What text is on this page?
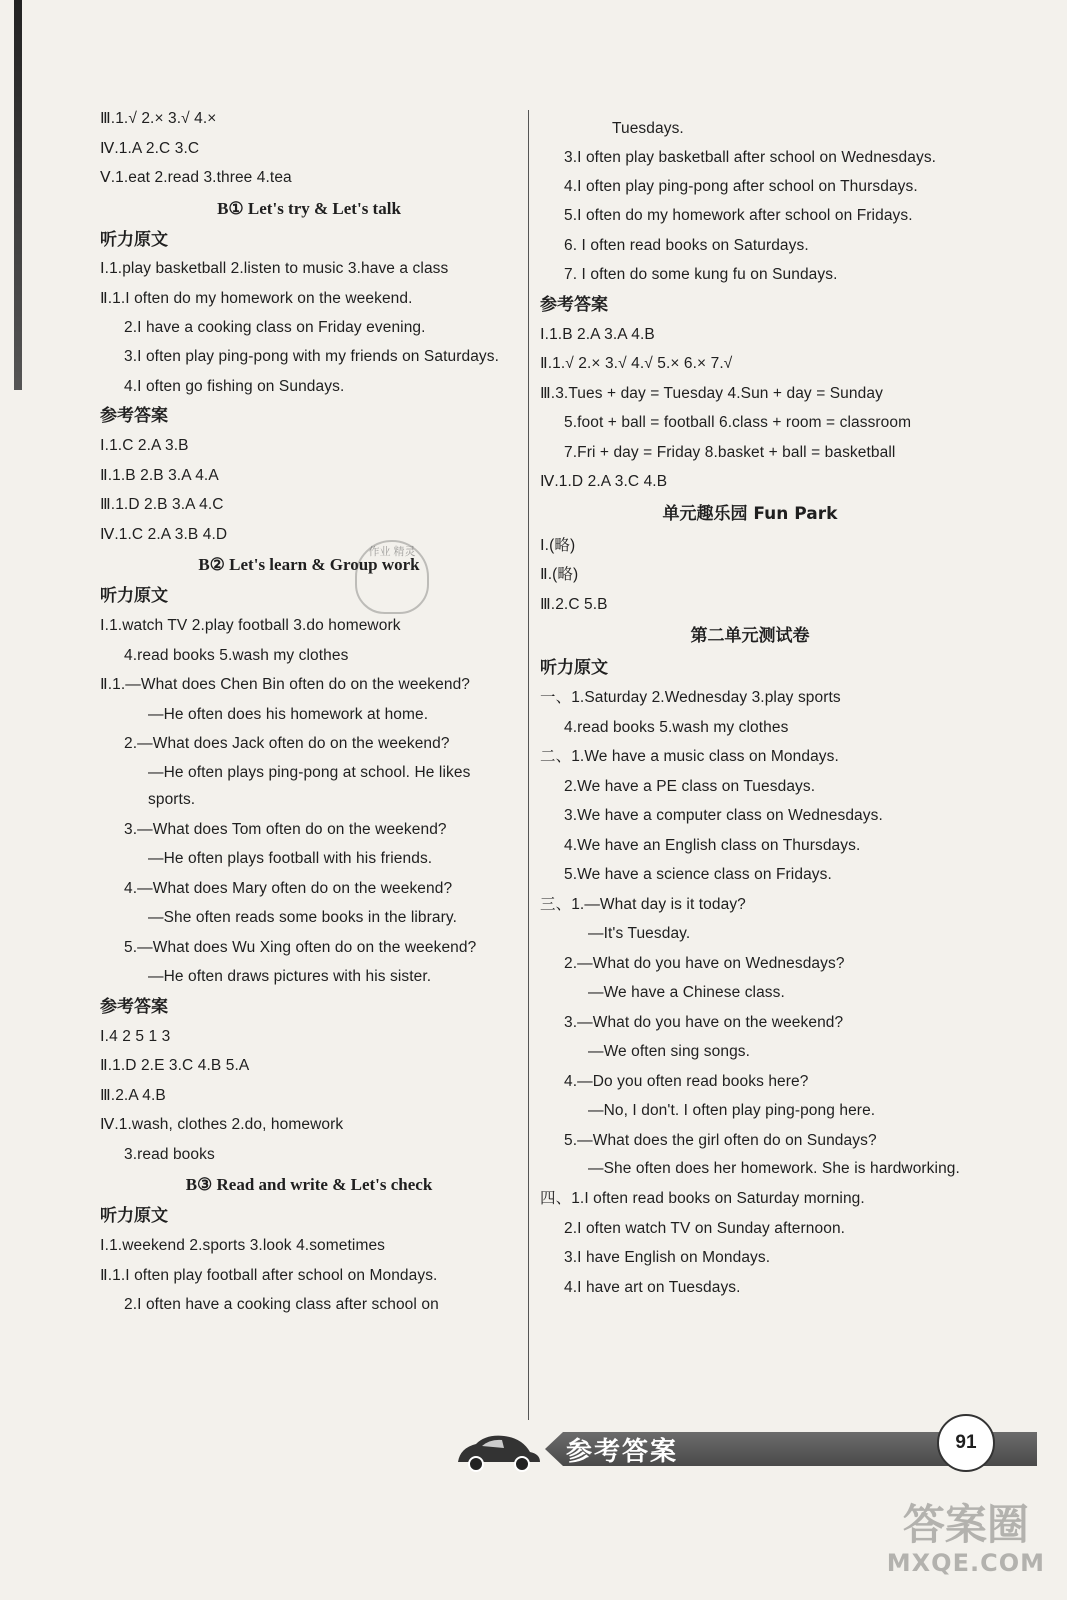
Ⅲ.1.√ 2.× 3.√ 4.×
Ⅳ.1.A 2.C 3.C
Ⅴ.1.eat 2.read 3.three 4.tea
B① Let's try & Let's talk
听力原文
Ⅰ.1.play basketball 2.listen to music 3.have a class
Ⅱ.1.I often do my homework on the weekend.
2.I have a cooking class on Friday evening.
3.I often play ping-pong with my friends on Saturdays.
4.I often go fishing on Sundays.
参考答案
Ⅰ.1.C 2.A 3.B
Ⅱ.1.B 2.B 3.A 4.A
Ⅲ.1.D 2.B 3.A 4.C
Ⅳ.1.C 2.A 3.B 4.D
B② Let's learn & Group work
听力原文
Ⅰ.1.watch TV 2.play football 3.do homework
4.read books 5.wash my clothes
Ⅱ.1.—What does Chen Bin often do on the weekend?
—He often does his homework at home.
2.—What does Jack often do on the weekend?
—He often plays ping-pong at school. He likes sports.
3.—What does Tom often do on the weekend?
—He often plays football with his friends.
4.—What does Mary often do on the weekend?
—She often reads some books in the library.
5.—What does Wu Xing often do on the weekend?
—He often draws pictures with his sister.
参考答案
Ⅰ.4 2 5 1 3
Ⅱ.1.D 2.E 3.C 4.B 5.A
Ⅲ.2.A 4.B
Ⅳ.1.wash, clothes 2.do, homework
3.read books
B③ Read and write & Let's check
听力原文
Ⅰ.1.weekend 2.sports 3.look 4.sometimes
Ⅱ.1.I often play football after school on Mondays.
2.I often have a cooking class after school on
Tuesdays.
3.I often play basketball after school on Wednesdays.
4.I often play ping-pong after school on Thursdays.
5.I often do my homework after school on Fridays.
6. I often read books on Saturdays.
7. I often do some kung fu on Sundays.
参考答案
Ⅰ.1.B 2.A 3.A 4.B
Ⅱ.1.√ 2.× 3.√ 4.√ 5.× 6.× 7.√
Ⅲ.3.Tues + day = Tuesday 4.Sun + day = Sunday
5.foot + ball = football 6.class + room = classroom
7.Fri + day = Friday 8.basket + ball = basketball
Ⅳ.1.D 2.A 3.C 4.B
单元趣乐园 Fun Park
Ⅰ.(略)
Ⅱ.(略)
Ⅲ.2.C 5.B
第二单元测试卷
听力原文
一、1.Saturday 2.Wednesday 3.play sports
4.read books 5.wash my clothes
二、1.We have a music class on Mondays.
2.We have a PE class on Tuesdays.
3.We have a computer class on Wednesdays.
4.We have an English class on Thursdays.
5.We have a science class on Fridays.
三、1.—What day is it today?
—It's Tuesday.
2.—What do you have on Wednesdays?
—We have a Chinese class.
3.—What do you have on the weekend?
—We often sing songs.
4.—Do you often read books here?
—No, I don't. I often play ping-pong here.
5.—What does the girl often do on Sundays?
—She often does her homework. She is hardworking.
四、1.I often read books on Saturday morning.
2.I often watch TV on Sunday afternoon.
3.I have English on Mondays.
4.I have art on Tuesdays.
作业 精灵
参考答案	91
答案圈
MXQE.COM
